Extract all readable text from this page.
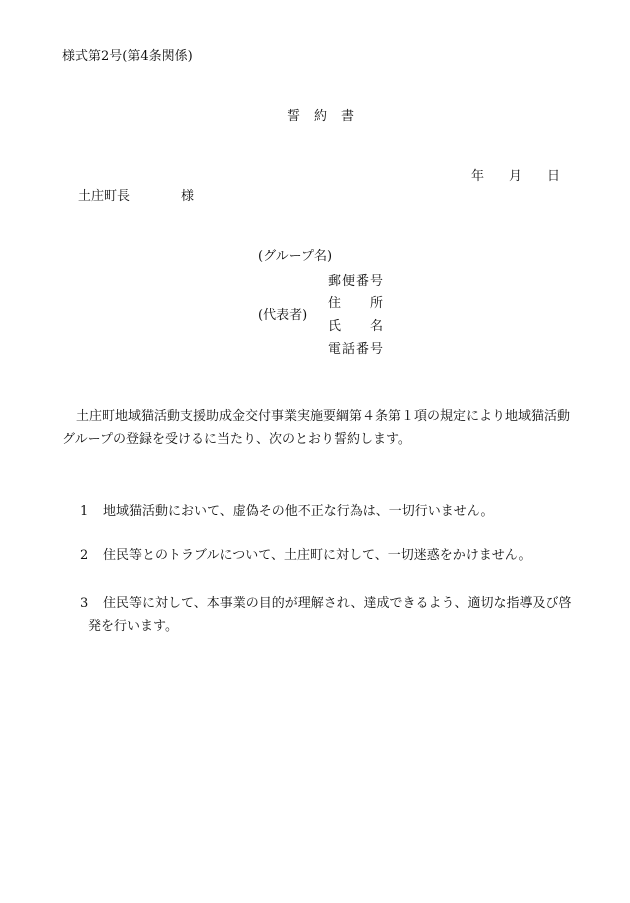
様式第2号(第4条関係)
誓　約　書
年 月 日
土庄町長	様
(グループ名)
(代表者)
郵便番号
住　　所
氏　　名
電話番号
土庄町地域猫活動支援助成金交付事業実施要綱第４条第１項の規定により地域猫活動
グループの登録を受けるに当たり、次のとおり誓約します。
1 地域猫活動において、虚偽その他不正な行為は、一切行いません。
2 住民等とのトラブルについて、土庄町に対して、一切迷惑をかけません。
3 住民等に対して、本事業の目的が理解され、達成できるよう、適切な指導及び啓
発を行います。
